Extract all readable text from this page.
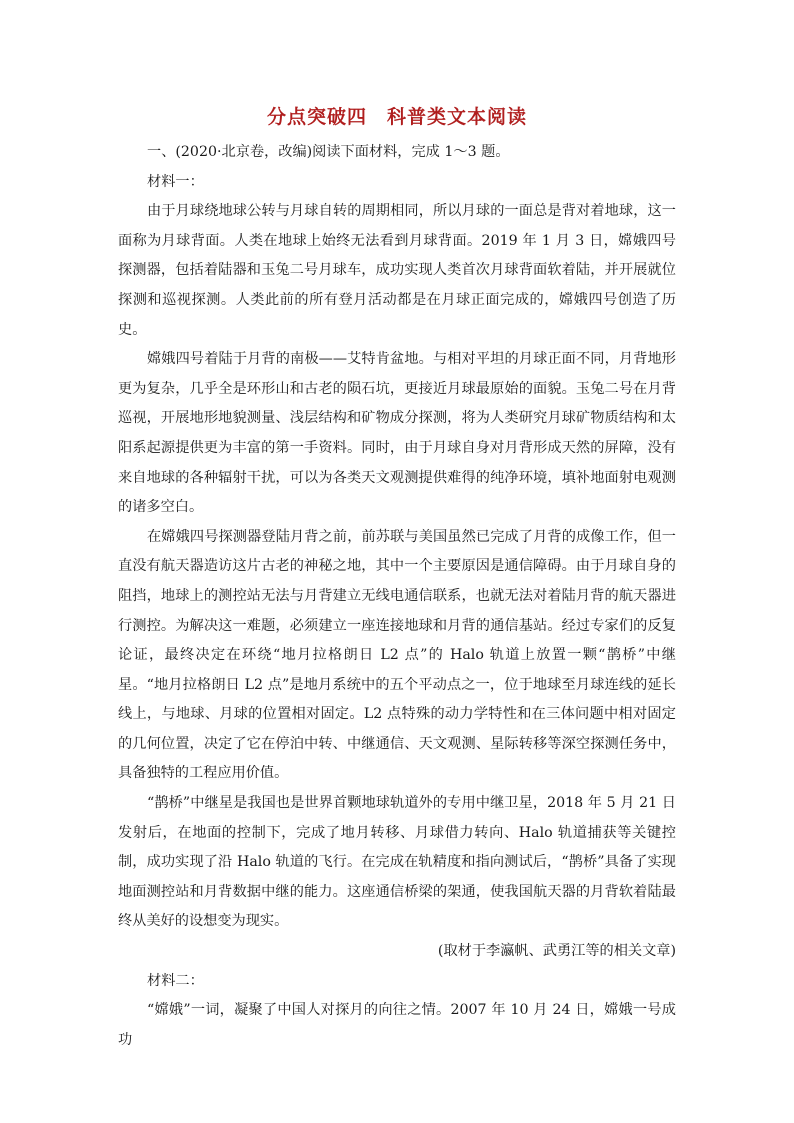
分点突破四　科普类文本阅读

一、(2020·北京卷，改编)阅读下面材料，完成 1～3 题。

材料一：

由于月球绕地球公转与月球自转的周期相同，所以月球的一面总是背对着地球，这一面称为月球背面。人类在地球上始终无法看到月球背面。2019 年 1 月 3 日，嫦娥四号探测器，包括着陆器和玉兔二号月球车，成功实现人类首次月球背面软着陆，并开展就位探测和巡视探测。人类此前的所有登月活动都是在月球正面完成的，嫦娥四号创造了历史。

嫦娥四号着陆于月背的南极——艾特肯盆地。与相对平坦的月球正面不同，月背地形更为复杂，几乎全是环形山和古老的陨石坑，更接近月球最原始的面貌。玉兔二号在月背巡视，开展地形地貌测量、浅层结构和矿物成分探测，将为人类研究月球矿物质结构和太阳系起源提供更为丰富的第一手资料。同时，由于月球自身对月背形成天然的屏障，没有来自地球的各种辐射干扰，可以为各类天文观测提供难得的纯净环境，填补地面射电观测的诸多空白。

在嫦娥四号探测器登陆月背之前，前苏联与美国虽然已完成了月背的成像工作，但一直没有航天器造访这片古老的神秘之地，其中一个主要原因是通信障碍。由于月球自身的阻挡，地球上的测控站无法与月背建立无线电通信联系，也就无法对着陆月背的航天器进行测控。为解决这一难题，必须建立一座连接地球和月背的通信基站。经过专家们的反复论证，最终决定在环绕“地月拉格朗日 L2 点”的 Halo 轨道上放置一颗“鹊桥”中继星。“地月拉格朗日 L2 点”是地月系统中的五个平动点之一，位于地球至月球连线的延长线上，与地球、月球的位置相对固定。L2 点特殊的动力学特性和在三体问题中相对固定的几何位置，决定了它在停泊中转、中继通信、天文观测、星际转移等深空探测任务中，具备独特的工程应用价值。

“鹊桥”中继星是我国也是世界首颗地球轨道外的专用中继卫星，2018 年 5 月 21 日发射后，在地面的控制下，完成了地月转移、月球借力转向、Halo 轨道捕获等关键控制，成功实现了沿 Halo 轨道的飞行。在完成在轨精度和指向测试后，“鹊桥”具备了实现地面测控站和月背数据中继的能力。这座通信桥梁的架通，使我国航天器的月背软着陆最终从美好的设想变为现实。

(取材于李瀛帆、武勇江等的相关文章)

材料二：

“嫦娥”一词，凝聚了中国人对探月的向往之情。2007 年 10 月 24 日，嫦娥一号成功
